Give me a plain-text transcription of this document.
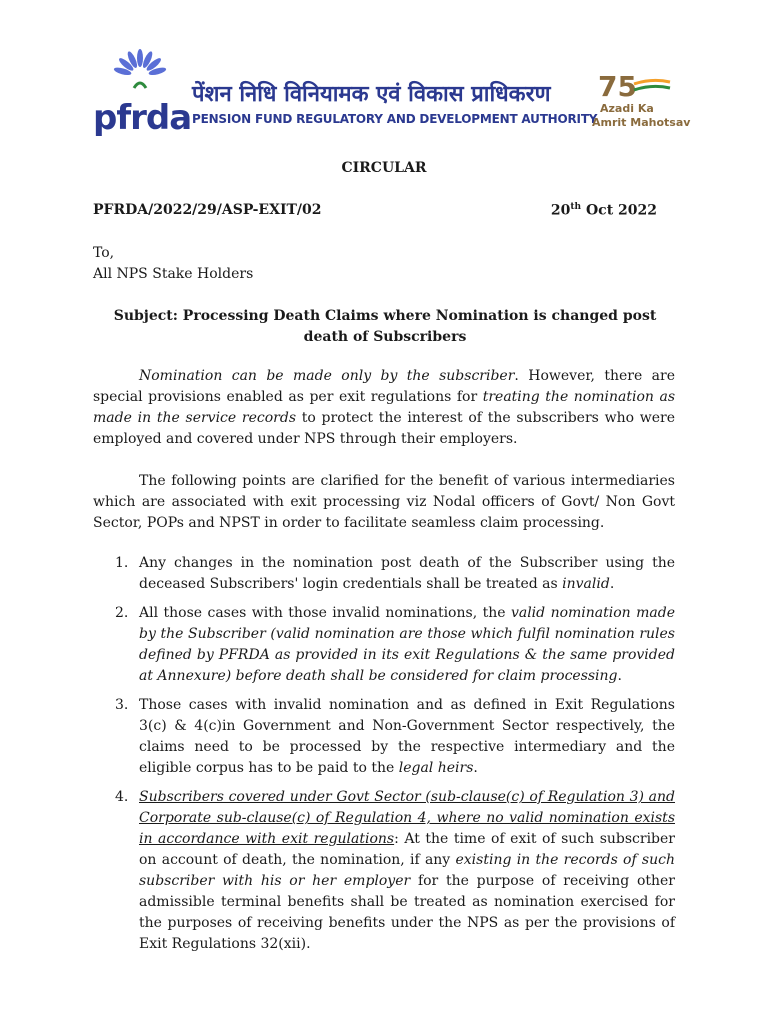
pfrda
पेंशन निधि विनियामक एवं विकास प्राधिकरण
PENSION FUND REGULATORY AND DEVELOPMENT AUTHORITY
75
Azadi Ka
Amrit Mahotsav
CIRCULAR
PFRDA/2022/29/ASP-EXIT/02	20th Oct 2022
To,
All NPS Stake Holders
Subject: Processing Death Claims where Nomination is changed post death of Subscribers
Nomination can be made only by the subscriber. However, there are special provisions enabled as per exit regulations for treating the nomination as made in the service records to protect the interest of the subscribers who were employed and covered under NPS through their employers.
The following points are clarified for the benefit of various intermediaries which are associated with exit processing viz Nodal officers of Govt/ Non Govt Sector, POPs and NPST in order to facilitate seamless claim processing.
1. Any changes in the nomination post death of the Subscriber using the deceased Subscribers' login credentials shall be treated as invalid.
2. All those cases with those invalid nominations, the valid nomination made by the Subscriber (valid nomination are those which fulfil nomination rules defined by PFRDA as provided in its exit Regulations & the same provided at Annexure) before death shall be considered for claim processing.
3. Those cases with invalid nomination and as defined in Exit Regulations 3(c) & 4(c)in Government and Non-Government Sector respectively, the claims need to be processed by the respective intermediary and the eligible corpus has to be paid to the legal heirs.
4. Subscribers covered under Govt Sector (sub-clause(c) of Regulation 3) and Corporate sub-clause(c) of Regulation 4, where no valid nomination exists in accordance with exit regulations: At the time of exit of such subscriber on account of death, the nomination, if any existing in the records of such subscriber with his or her employer for the purpose of receiving other admissible terminal benefits shall be treated as nomination exercised for the purposes of receiving benefits under the NPS as per the provisions of Exit Regulations 32(xii).
